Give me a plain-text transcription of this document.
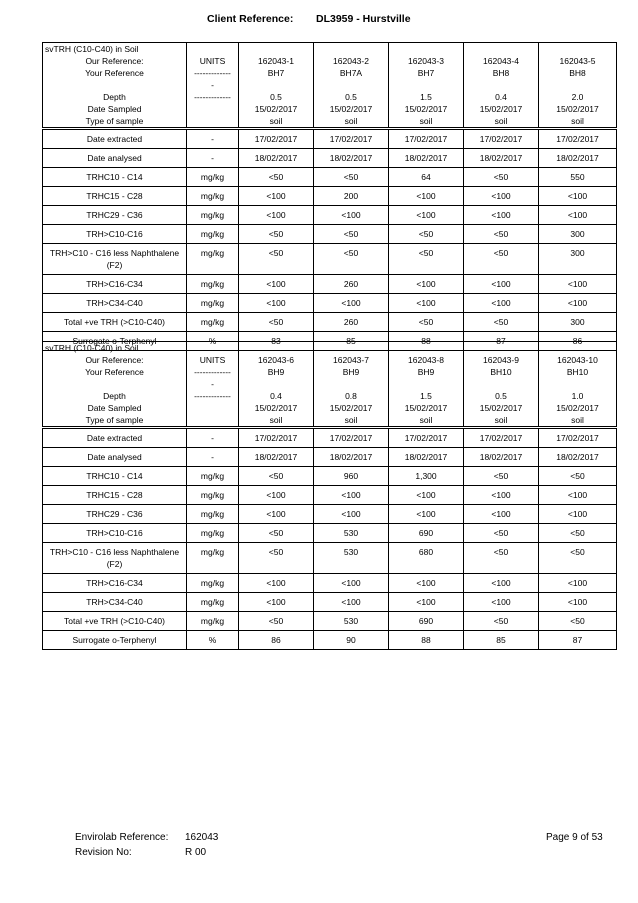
Client Reference: DL3959 - Hurstville
svTRH (C10-C40) in Soil						
Our Reference:	UNITS	162043-1	162043-2	162043-3	162043-4	162043-5
Your Reference	-------------	BH7	BH7A	BH7	BH8	BH8
	-					
Depth	-------------	0.5	0.5	1.5	0.4	2.0
Date Sampled		15/02/2017	15/02/2017	15/02/2017	15/02/2017	15/02/2017
Type of sample		soil	soil	soil	soil	soil
Date extracted	-	17/02/2017	17/02/2017	17/02/2017	17/02/2017	17/02/2017
Date analysed	-	18/02/2017	18/02/2017	18/02/2017	18/02/2017	18/02/2017
TRHC10 - C14	mg/kg	<50	<50	64	<50	550
TRHC15 - C28	mg/kg	<100	200	<100	<100	<100
TRHC29 - C36	mg/kg	<100	<100	<100	<100	<100
TRH>C10-C16	mg/kg	<50	<50	<50	<50	300
TRH>C10 - C16 less Naphthalene (F2)	mg/kg	<50	<50	<50	<50	300
TRH>C16-C34	mg/kg	<100	260	<100	<100	<100
TRH>C34-C40	mg/kg	<100	<100	<100	<100	<100
Total +ve TRH (>C10-C40)	mg/kg	<50	260	<50	<50	300
Surrogate o-Terphenyl	%	83	85	88	87	86
svTRH (C10-C40) in Soil						
Our Reference:	UNITS	162043-6	162043-7	162043-8	162043-9	162043-10
Your Reference	-------------	BH9	BH9	BH9	BH10	BH10
	-					
Depth	-------------	0.4	0.8	1.5	0.5	1.0
Date Sampled		15/02/2017	15/02/2017	15/02/2017	15/02/2017	15/02/2017
Type of sample		soil	soil	soil	soil	soil
Date extracted	-	17/02/2017	17/02/2017	17/02/2017	17/02/2017	17/02/2017
Date analysed	-	18/02/2017	18/02/2017	18/02/2017	18/02/2017	18/02/2017
TRHC10 - C14	mg/kg	<50	960	1,300	<50	<50
TRHC15 - C28	mg/kg	<100	<100	<100	<100	<100
TRHC29 - C36	mg/kg	<100	<100	<100	<100	<100
TRH>C10-C16	mg/kg	<50	530	690	<50	<50
TRH>C10 - C16 less Naphthalene (F2)	mg/kg	<50	530	680	<50	<50
TRH>C16-C34	mg/kg	<100	<100	<100	<100	<100
TRH>C34-C40	mg/kg	<100	<100	<100	<100	<100
Total +ve TRH (>C10-C40)	mg/kg	<50	530	690	<50	<50
Surrogate o-Terphenyl	%	86	90	88	85	87
Envirolab Reference: 162043
Revision No:	R 00
Page 9 of 53
